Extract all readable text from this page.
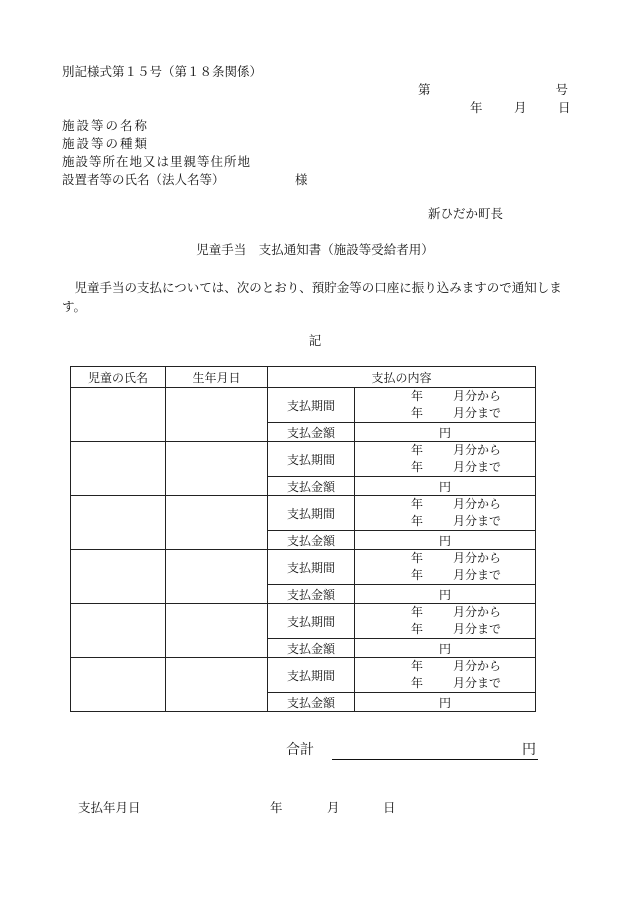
別記様式第１５号（第１８条関係）
第	号
年	月	日
施設等の名称
施設等の種類
施設等所在地又は里親等住所地
設置者等の氏名（法人名等）	様
新ひだか町長
児童手当　支払通知書（施設等受給者用）
　児童手当の支払については、次のとおり、預貯金等の口座に振り込みますので通知します。
記
児童の氏名	生年月日	支払の内容	
		支払期間	年 月分から
年 月分まで
		支払金額	円
		支払期間	年 月分から
年 月分まで
		支払金額	円
		支払期間	年 月分から
年 月分まで
		支払金額	円
		支払期間	年 月分から
年 月分まで
		支払金額	円
		支払期間	年 月分から
年 月分まで
		支払金額	円
		支払期間	年 月分から
年 月分まで
		支払金額	円
合計	円
支払年月日	年	月	日
